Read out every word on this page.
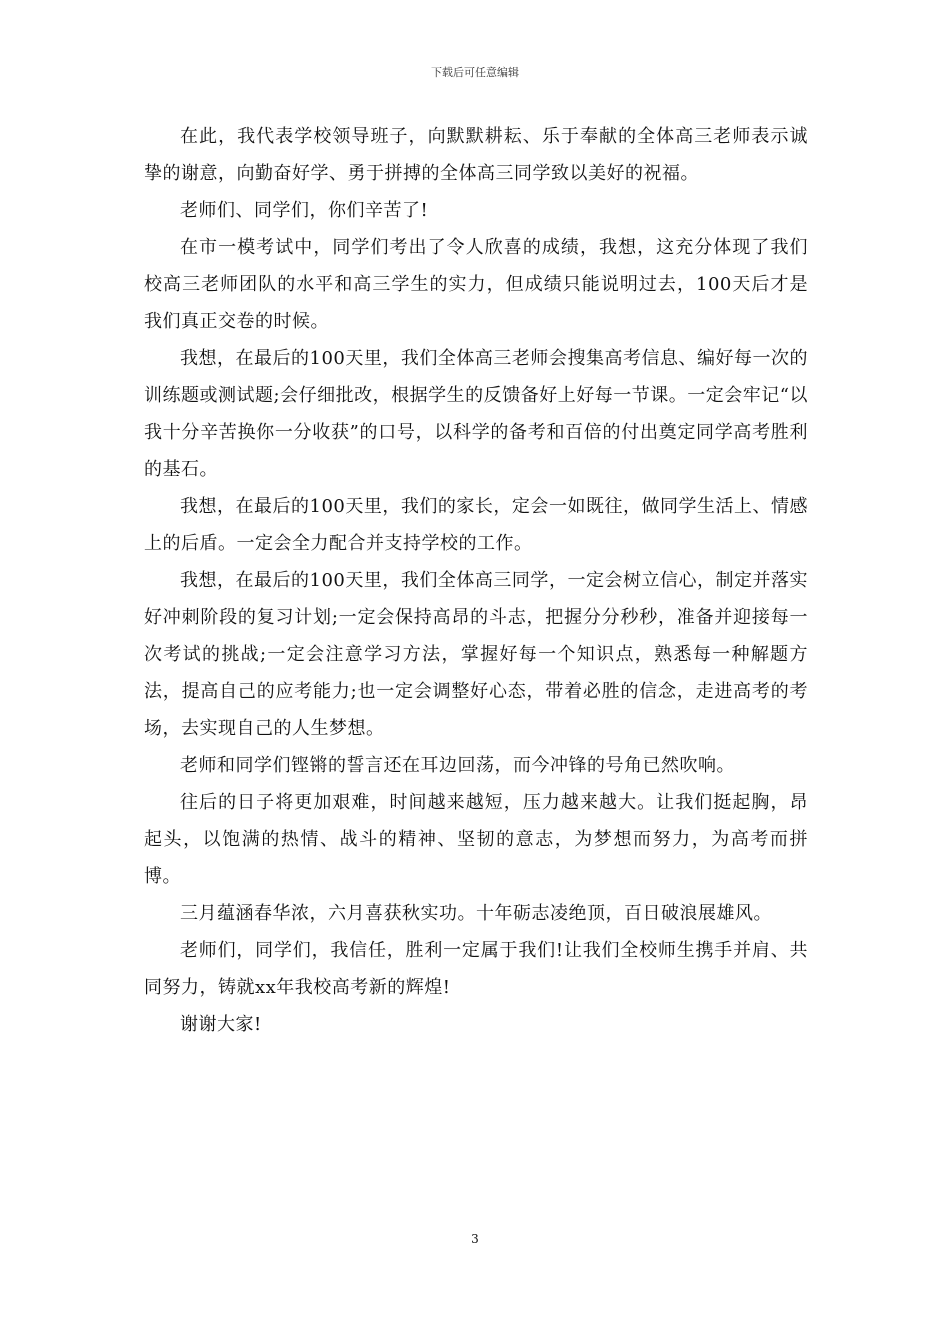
下载后可任意编辑

在此，我代表学校领导班子，向默默耕耘、乐于奉献的全体高三老师表示诚挚的谢意，向勤奋好学、勇于拼搏的全体高三同学致以美好的祝福。

老师们、同学们，你们辛苦了!

在市一模考试中，同学们考出了令人欣喜的成绩，我想，这充分体现了我们校高三老师团队的水平和高三学生的实力，但成绩只能说明过去，100天后才是我们真正交卷的时候。

我想，在最后的100天里，我们全体高三老师会搜集高考信息、编好每一次的训练题或测试题;会仔细批改，根据学生的反馈备好上好每一节课。一定会牢记“以我十分辛苦换你一分收获”的口号，以科学的备考和百倍的付出奠定同学高考胜利的基石。

我想，在最后的100天里，我们的家长，定会一如既往，做同学生活上、情感上的后盾。一定会全力配合并支持学校的工作。

我想，在最后的100天里，我们全体高三同学，一定会树立信心，制定并落实好冲刺阶段的复习计划;一定会保持高昂的斗志，把握分分秒秒，准备并迎接每一次考试的挑战;一定会注意学习方法，掌握好每一个知识点，熟悉每一种解题方法，提高自己的应考能力;也一定会调整好心态，带着必胜的信念，走进高考的考场，去实现自己的人生梦想。

老师和同学们铿锵的誓言还在耳边回荡，而今冲锋的号角已然吹响。

往后的日子将更加艰难，时间越来越短，压力越来越大。让我们挺起胸，昂起头，以饱满的热情、战斗的精神、坚韧的意志，为梦想而努力，为高考而拼博。

三月蕴涵春华浓，六月喜获秋实功。十年砺志凌绝顶，百日破浪展雄风。

老师们，同学们，我信任，胜利一定属于我们!让我们全校师生携手并肩、共同努力，铸就xx年我校高考新的辉煌!

谢谢大家!

3
